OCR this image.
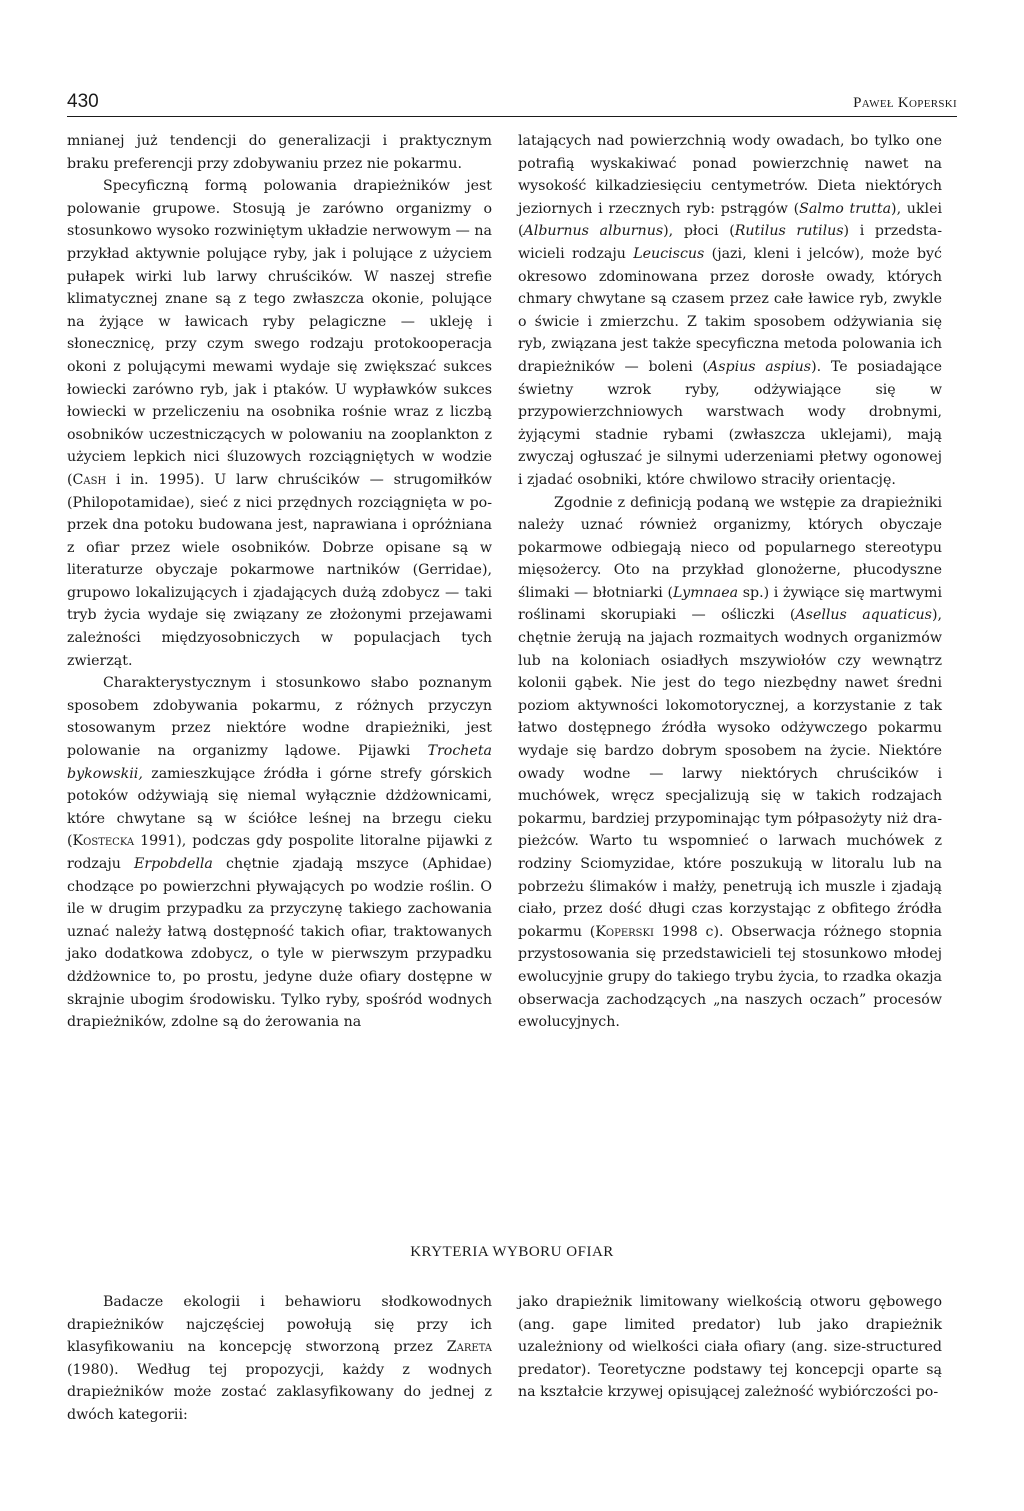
430	Paweł Koperski

mnianej już tendencji do generalizacji i praktycznym braku preferencji przy zdobywaniu przez nie pokarmu.

Specyficzną formą polowania drapieżników jest polowanie grupowe. Stosują je zarówno organizmy o stosunkowo wysoko rozwiniętym układzie nerwowym — na przykład aktywnie polujące ryby, jak i polujące z użyciem pułapek wirki lub larwy chruścików. W naszej strefie klimatycznej znane są z tego zwłaszcza okonie, polujące na żyjące w ławicach ryby pelagiczne — ukleję i słonecznicę, przy czym swego rodzaju protokooperacja okoni z polującymi mewami wydaje się zwiększać sukces łowiecki zarówno ryb, jak i ptaków. U wypławków sukces łowiecki w przeliczeniu na osobnika rośnie wraz z liczbą osobników uczestniczących w polowaniu na zooplankton z użyciem lepkich nici śluzowych rozciągniętych w wodzie (Cash i in. 1995). U larw chruścików — strugomiłków (Philopotamidae), sieć z nici przędnych rozciągnięta w poprzek dna potoku budowana jest, naprawiana i opróżniana z ofiar przez wiele osobników. Dobrze opisane są w literaturze obyczaje pokarmowe nartników (Gerridae), grupowo lokalizujących i zjadających dużą zdobycz — taki tryb życia wydaje się związany ze złożonymi przejawami zależności międzyosobniczych w populacjach tych zwierząt.

Charakterystycznym i stosunkowo słabo poznanym sposobem zdobywania pokarmu, z różnych przyczyn stosowanym przez niektóre wodne drapieżniki, jest polowanie na organizmy lądowe. Pijawki Trocheta bykowskii, zamieszkujące źródła i górne strefy górskich potoków odżywiają się niemal wyłącznie dżdżownicami, które chwytane są w ściółce leśnej na brzegu cieku (Kostecka 1991), podczas gdy pospolite litoralne pijawki z rodzaju Erpobdella chętnie zjadają mszyce (Aphidae) chodzące po powierzchni pływających po wodzie roślin. O ile w drugim przypadku za przyczynę takiego zachowania uznać należy łatwą dostępność takich ofiar, traktowanych jako dodatkowa zdobycz, o tyle w pierwszym przypadku dżdżownice to, po prostu, jedyne duże ofiary dostępne w skrajnie ubogim środowisku. Tylko ryby, spośród wodnych drapieżników, zdolne są do żerowania na

latających nad powierzchnią wody owadach, bo tylko one potrafią wyskakiwać ponad powierzchnię nawet na wysokość kilkadziesięciu centymetrów. Dieta niektórych jeziornych i rzecznych ryb: pstrągów (Salmo trutta), uklei (Alburnus alburnus), płoci (Rutilus rutilus) i przedstawicieli rodzaju Leuciscus (jazi, kleni i jelców), może być okresowo zdominowana przez dorosłe owady, których chmary chwytane są czasem przez całe ławice ryb, zwykle o świcie i zmierzchu. Z takim sposobem odżywiania się ryb, związana jest także specyficzna metoda polowania ich drapieżników — boleni (Aspius aspius). Te posiadające świetny wzrok ryby, odżywiające się w przypowierzchniowych warstwach wody drobnymi, żyjącymi stadnie rybami (zwłaszcza uklejami), mają zwyczaj ogłuszać je silnymi uderzeniami płetwy ogonowej i zjadać osobniki, które chwilowo straciły orientację.

Zgodnie z definicją podaną we wstępie za drapieżniki należy uznać również organizmy, których obyczaje pokarmowe odbiegają nieco od popularnego stereotypu mięsożercy. Oto na przykład glonożerne, płucodyszne ślimaki — błotniarki (Lymnaea sp.) i żywiące się martwymi roślinami skorupiaki — ośliczki (Asellus aquaticus), chętnie żerują na jajach rozmaitych wodnych organizmów lub na koloniach osiadłych mszywiołów czy wewnątrz kolonii gąbek. Nie jest do tego niezbędny nawet średni poziom aktywności lokomotorycznej, a korzystanie z tak łatwo dostępnego źródła wysoko odżywczego pokarmu wydaje się bardzo dobrym sposobem na życie. Niektóre owady wodne — larwy niektórych chruścików i muchówek, wręcz specjalizują się w takich rodzajach pokarmu, bardziej przypominając tym półpasożyty niż drapieżców. Warto tu wspomnieć o larwach muchówek z rodziny Sciomyzidae, które poszukują w litoralu lub na pobrzeżu ślimaków i małży, penetrują ich muszle i zjadają ciało, przez dość długi czas korzystając z obfitego źródła pokarmu (Koperski 1998 c). Obserwacja różnego stopnia przystosowania się przedstawicieli tej stosunkowo młodej ewolucyjnie grupy do takiego trybu życia, to rzadka okazja obserwacja zachodzących „na naszych oczach” procesów ewolucyjnych.

KRYTERIA WYBORU OFIAR

Badacze ekologii i behawioru słodkowodnych drapieżników najczęściej powołują się przy ich klasyfikowaniu na koncepcję stworzoną przez Zareta (1980). Według tej propozycji, każdy z wodnych drapieżników może zostać zaklasyfikowany do jednej z dwóch kategorii:

jako drapieżnik limitowany wielkością otworu gębowego (ang. gape limited predator) lub jako drapieżnik uzależniony od wielkości ciała ofiary (ang. size-structured predator). Teoretyczne podstawy tej koncepcji oparte są na kształcie krzywej opisującej zależność wybiórczości po-
